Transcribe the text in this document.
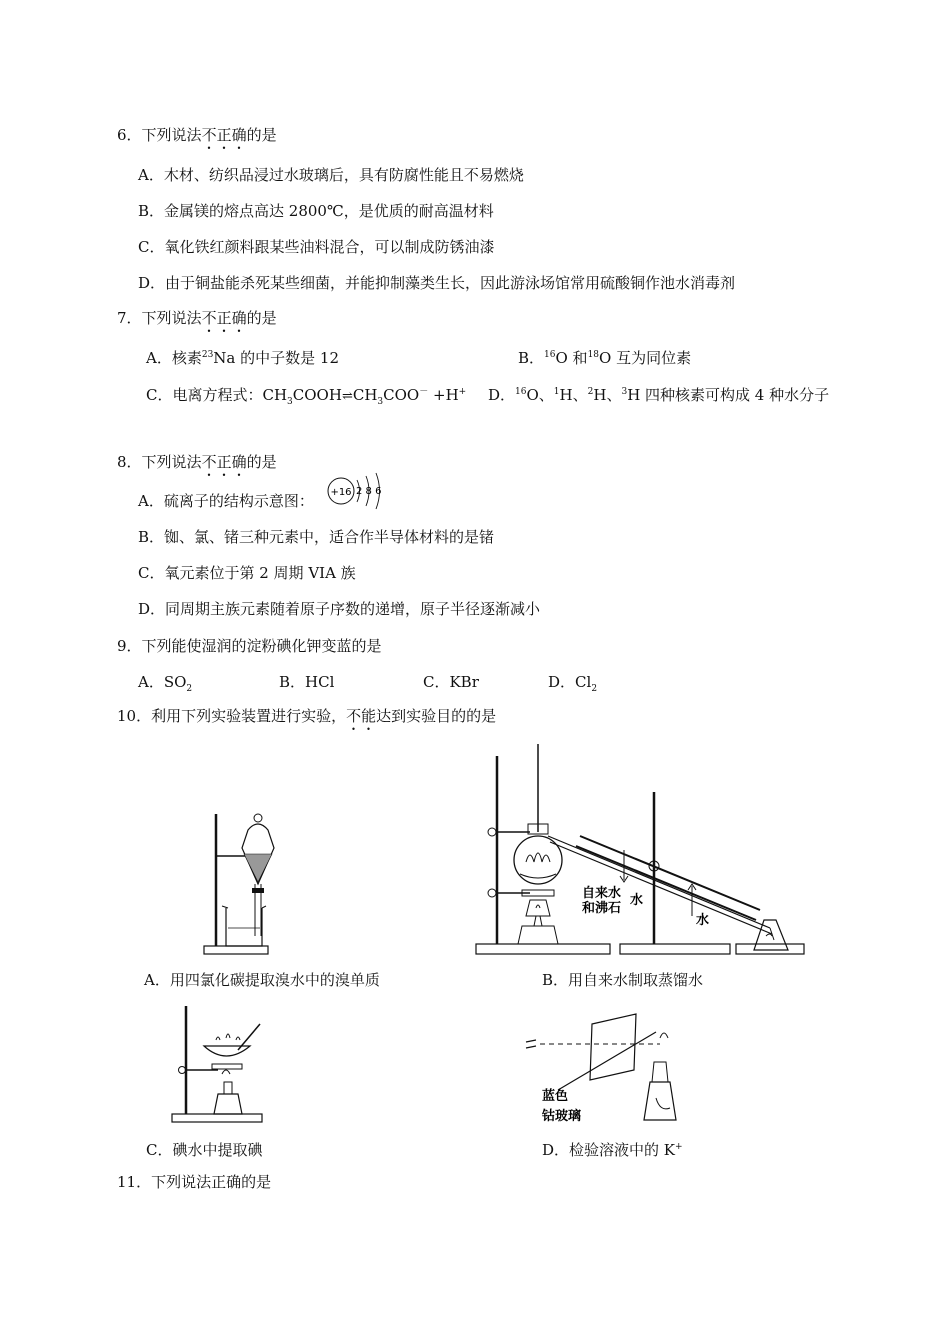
6．下列说法不正确的是
A．木材、纺织品浸过水玻璃后，具有防腐性能且不易燃烧
B．金属镁的熔点高达 2800℃，是优质的耐高温材料
C．氧化铁红颜料跟某些油料混合，可以制成防锈油漆
D．由于铜盐能杀死某些细菌，并能抑制藻类生长，因此游泳场馆常用硫酸铜作池水消毒剂
7．下列说法不正确的是
A．核素$^{23}$Na 的中子数是 12	B．$^{16}$O 和$^{18}$O 互为同位素
C．电离方程式：$CH_3COOH\rightleftharpoons CH_3COO^- +H^+$ D．$^{16}$O、$^1$H、$^2$H、$^3$H 四种核素可构成 4 种水分子
8．下列说法不正确的是
A．硫离子的结构示意图： +16 2 8 6
B．铷、氯、锗三种元素中，适合作半导体材料的是锗
C．氧元素位于第 2 周期 VIA 族
D．同周期主族元素随着原子序数的递增，原子半径逐渐减小
9．下列能使湿润的淀粉碘化钾变蓝的是
A．$SO_2$	B．HCl	C．KBr	D．$Cl_2$
10．利用下列实验装置进行实验，不能达到实验目的的是
自来水
和沸石
水
水
A．用四氯化碳提取溴水中的溴单质	B．用自来水制取蒸馏水
蓝色
钴玻璃
C．碘水中提取碘	D．检验溶液中的 K+
11．下列说法正确的是
